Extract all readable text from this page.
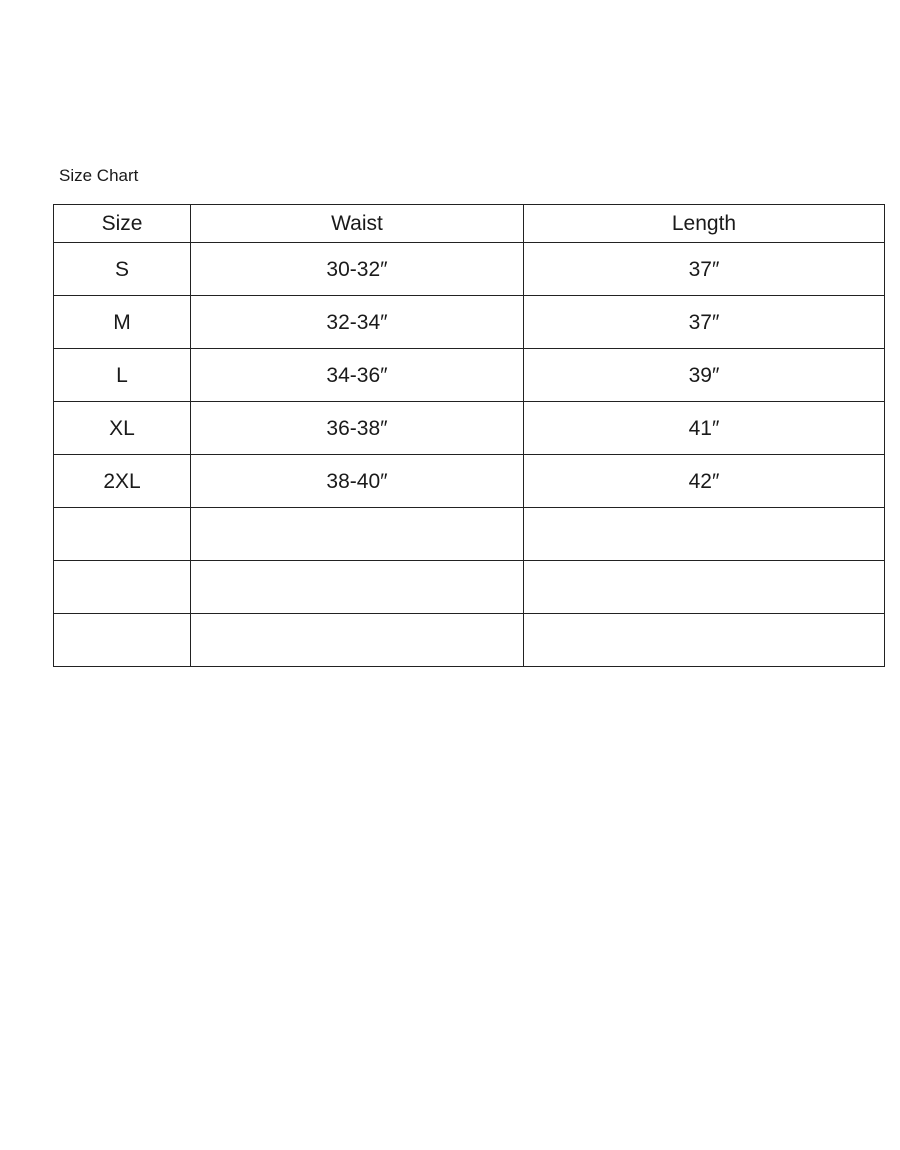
Size Chart
Size	Waist	Length
S	30-32″	37″
M	32-34″	37″
L	34-36″	39″
XL	36-38″	41″
2XL	38-40″	42″
